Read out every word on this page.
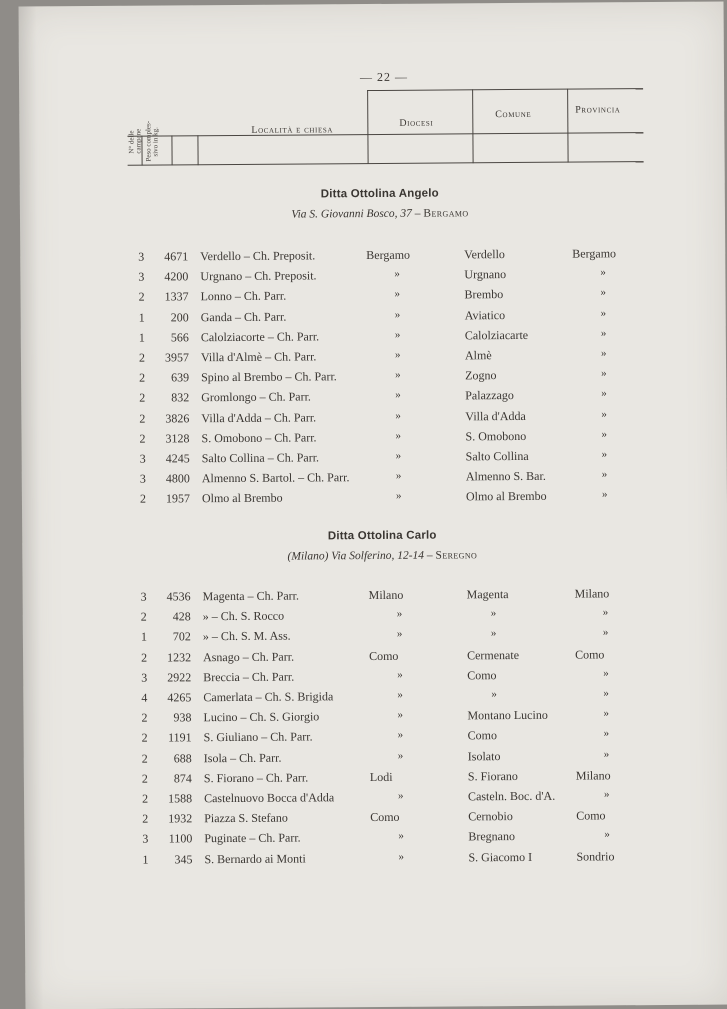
— 22 —
N° delle campane Peso comples-sivo in kg.	Località e chiesa
Diocesi
Comune	Provincia
Ditta Ottolina Angelo
Via S. Giovanni Bosco, 37 – Bergamo
3	4671 Verdello – Ch. Preposit.	Bergamo	Verdello	Bergamo
3	4200 Urgnano – Ch. Preposit.	»	Urgnano	»
2	1337 Lonno – Ch. Parr.	»	Brembo	»
1	200 Ganda – Ch. Parr.	»	Aviatico	»
1	566 Calolziacorte – Ch. Parr.	»	Calolziacarte	»
2	3957 Villa d'Almè – Ch. Parr.	»	Almè	»
2	639 Spino al Brembo – Ch. Parr.	»	Zogno	»
2	832 Gromlongo – Ch. Parr.	»	Palazzago	»
2	3826 Villa d'Adda – Ch. Parr.	»	Villa d'Adda	»
2	3128 S. Omobono – Ch. Parr.	»	S. Omobono	»
3	4245 Salto Collina – Ch. Parr.	»	Salto Collina	»
3	4800 Almenno S. Bartol. – Ch. Parr.	»	Almenno S. Bar.	»
2	1957 Olmo al Brembo	»	Olmo al Brembo	»
Ditta Ottolina Carlo
(Milano) Via Solferino, 12-14 – Seregno
3	4536 Magenta – Ch. Parr.	Milano	Magenta	Milano
2	428 » – Ch. S. Rocco	»	»	»
1	702 » – Ch. S. M. Ass.	»	»	»
2	1232 Asnago – Ch. Parr.	Como	Cermenate	Como
3	2922 Breccia – Ch. Parr.	»	Como	»
4	4265 Camerlata – Ch. S. Brigida	»	»	»
2	938 Lucino – Ch. S. Giorgio	»	Montano Lucino	»
2	1191 S. Giuliano – Ch. Parr.	»	Como	»
2	688 Isola – Ch. Parr.	»	Isolato	»
2	874 S. Fiorano – Ch. Parr.	Lodi	S. Fiorano	Milano
2	1588 Castelnuovo Bocca d'Adda	»	Casteln. Boc. d'A.	»
2	1932 Piazza S. Stefano	Como	Cernobio	Como
3	1100 Puginate – Ch. Parr.	»	Bregnano	»
1	345 S. Bernardo ai Monti	»	S. Giacomo I	Sondrio
